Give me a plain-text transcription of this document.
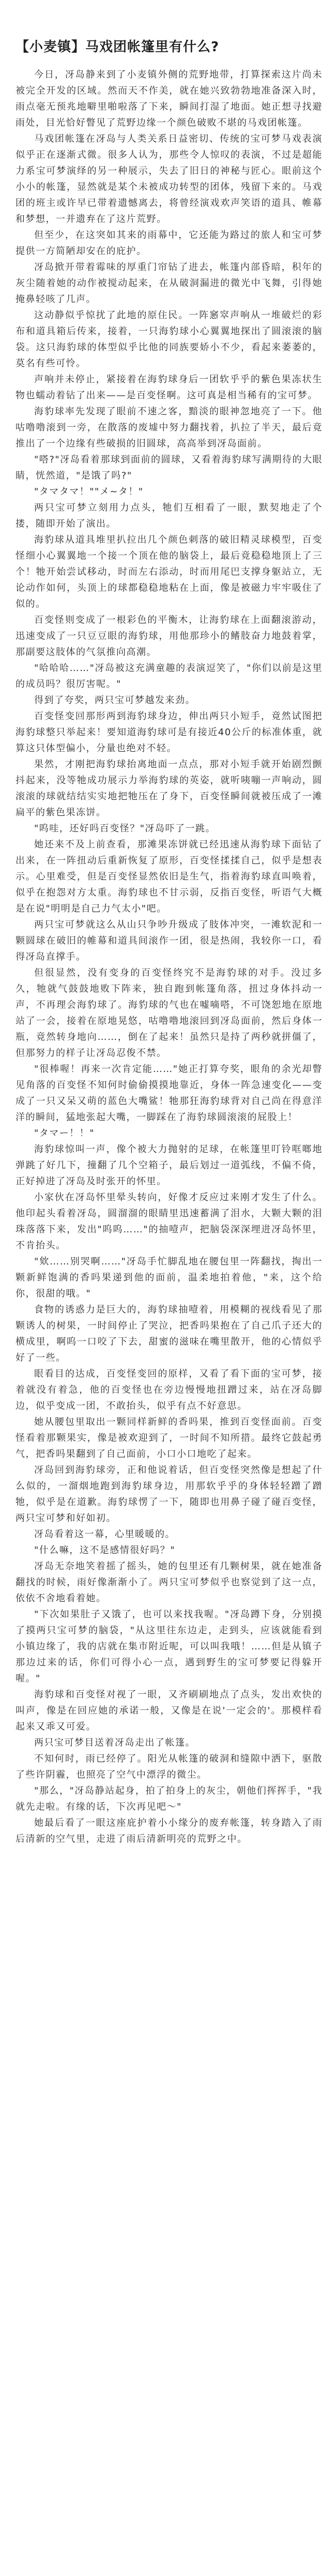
【小麦镇】马戏团帐篷里有什么?

今日，冴岛静来到了小麦镇外侧的荒野地带，打算探索这片尚未被完全开发的区域。然而天不作美，就在她兴致勃勃地准备深入时，雨点毫无预兆地噼里啪啦落了下来，瞬间打湿了地面。她正想寻找避雨处，目光恰好瞥见了荒野边缘一个颜色破败不堪的马戏团帐篷。

马戏团帐篷在冴岛与人类关系日益密切、传统的宝可梦马戏表演似乎正在逐渐式微。很多人认为，那些令人惊叹的表演，不过是超能力系宝可梦演绎的另一种展示，失去了旧日的神秘与匠心。眼前这个小小的帐篷，显然就是某个未被成功转型的团体，残留下来的。马戏团的班主或许早已带着遗憾离去，将曾经演戏欢声笑语的道具、帷幕和梦想，一并遗弃在了这片荒野。

但至少，在这突如其来的雨幕中，它还能为路过的旅人和宝可梦提供一方简陋却安在的庇护。

冴岛掀开带着霉味的厚重门帘钻了进去，帐篷内部昏暗，积年的灰尘随着她的动作被搅动起来，在从破洞漏进的微光中飞舞，引得她掩鼻轻咳了几声。

这动静似乎惊扰了此地的原住民。一阵窸窣声响从一堆破烂的彩布和道具箱后传来，接着，一只海豹球小心翼翼地探出了圆滚滚的脑袋。这只海豹球的体型似乎比他的同族要娇小不少，看起来萎萎的，莫名有些可怜。

声响并未停止，紧接着在海豹球身后一团软乎乎的紫色果冻状生物也蠕动着钻了出来——是百变怪啊。这可真是相当稀有的宝可梦。

海豹球率先发现了眼前不速之客，黯淡的眼神忽地亮了一下。他咕噜噜滚到一旁，在散落的废墟中努力翻找着，扒拉了半天，最后竟推出了一个边缘有些破损的旧圆球，高高举到冴岛面前。

"嗒?"冴岛看着那球到面前的圆球，又看着海豹球写满期待的大眼睛，恍然道，"是饿了吗?"

"タマタマ！""メ~タ！"

两只宝可梦立刻用力点头，牠们互相看了一眼，默契地走了个搂，随即开始了演出。

海豹球从道具堆里扒拉出几个颜色刺落的破旧精灵球模型，百变怪细小心翼翼地一个接一个顶在他的脑袋上，最后竟稳稳地顶上了三个！牠开始尝试移动，时而左右添动，时而用尾巴支撑身躯站立，无论动作如何，头顶上的球都稳稳地粘在上面，像是被磁力牢牢吸住了似的。

百变怪则变成了一根彩色的平衡木，让海豹球在上面翻滚游动，迅速变成了一只豆豆眼的海豹球，用他那珍小的鳍肢奋力地鼓着掌，那副要这肢体的气氛推向高潮。

"哈哈哈……"冴岛被这充满童趣的表演逗笑了，"你们以前是这里的成员吗？很厉害呢。"

得到了夸奖，两只宝可梦越发来劲。

百变怪变回那形两到海豹球身边，伸出两只小短手，竟然试图把海豹球整只举起来！要知道海豹球可是有接近40公斤的标准体重，就算这只体型偏小，分量也绝对不轻。

果然，才刚把海豹球抬离地面一点点，那对小短手就开始剧烈颤抖起来，没等牠成功展示力举海豹球的英姿，就听咦嘣一声响动，圆滚滚的球就结结实实地把牠压在了身下，百变怪瞬间就被压成了一滩扁平的紫色果冻饼。

"呜哇，还好吗百变怪？"冴岛吓了一跳。

她还来不及上前查看，那滩果冻饼就已经迅速从海豹球下面钻了出来，在一阵扭动后重新恢复了原形，百变怪揉揉自己，似乎是想表示。心里难受，但是百变怪显然依旧是生气，指着海豹球直叫唤着，似乎在抱怨对方太重。海豹球也不甘示弱，反指百变怪，听语气大概是在说"明明是自己力气太小"吧。

两只宝可梦就这么从山只争吵升级成了肢体冲突，一滩软泥和一颗圆球在破旧的帷幕和道具间滚作一团，很是热闹，我较你一口，看得冴岛直撑手。

但很显然，没有变身的百变怪终究不是海豹球的对手。没过多久，牠就气鼓鼓地败下阵来，独自跑到帐篷角落，扭过身体抖动一声，不再理会海豹球了。海豹球的气也在嘘嘀嗒，不可饶恕地在原地站了一会，接着在原地晃悠，咕噜噜地滚回到冴岛面前，然后身体一瓶，竟然转身地向……，倒在了起来！虽然只是持了两秒就拼僵了，但那努力的样子让冴岛忍俊不禁。

"很棒喔！再来一次肯定能……"她正打算夸奖，眼角的余光却瞥见角落的百变怪不知何时偷偷摸摸地靠近，身体一阵急速变化——变成了一只又呆又萌的蓝色大嘴鲨！牠那狂海豹球背对自己尚在得意洋洋的瞬间，猛地张起大嘴，一脚踩在了海豹球圆滚滚的屁股上！

"タマー！！"

海豹球惊叫一声，像个被大力抛射的足球，在帐篷里叮铃哐啷地弹跳了好几下，撞翻了几个空箱子，最后划过一道弧线，不偏不倚，正好掉进了冴岛及时张开的怀里。

小家伙在冴岛怀里晕头转向，好像才反应过来刚才发生了什么。他印起头看着冴岛，圆溜溜的眼睛里迅速蓄满了泪水，大颗大颗的泪珠落落下来，发出"呜呜……"的抽噎声，把脑袋深深埋进冴岛怀里，不肯抬头。

"欸……别哭啊……"冴岛手忙脚乱地在腰包里一阵翻找，掏出一颗新鲜饱满的香吗果递到他的面前，温柔地拍着他，"来，这个给你，很甜的哦。"

食物的诱惑力是巨大的，海豹球抽噎着，用模糊的视线看见了那颗诱人的树果，一时间停止了哭泣，把香吗果抱在了自己爪子还大的横成里，啊呜一口咬了下去，甜蜜的滋味在嘴里散开，他的心情似乎好了一些。

眼看目的达成，百变怪变回的原样，又看了看下面的宝可梦，接着就没有着急，他的百变怪也在旁边慢慢地扭蹭过来，站在冴岛脚边，似乎变成一团，不敢抬头，似乎有点不好意思。

她从腰包里取出一颗同样新鲜的香吗果，推到百变怪面前。百变怪看着那颗果实，像是被欢迎到了，一时间不知所措。最终它鼓起勇气，把香吗果翻到了自己面前，小口小口地吃了起来。

冴岛回到海豹球旁，正和他说着话，但百变怪突然像是想起了什么似的，一溜烟地跑到海豹球身边，用那软乎乎的身体轻轻蹭了蹭牠，似乎是在道歉。海豹球愣了一下，随即也用鼻子碰了碰百变怪，两只宝可梦和好如初。

冴岛看着这一幕，心里暖暖的。

"什么嘛，这不是感情很好吗？"

冴岛无奈地笑着摇了摇头，她的包里还有几颗树果，就在她准备翻找的时候，雨好像渐渐小了。两只宝可梦似乎也察觉到了这一点，依依不舍地看着她。

"下次如果肚子又饿了，也可以来找我喔。"冴岛蹲下身，分别摸了摸两只宝可梦的脑袋，"从这里往东边走，走到头，应该就能看到小镇边缘了，我的店就在集市附近呢，可以叫我哦！……但是从镇子那边过来的话，你们可得小心一点，遇到野生的宝可梦要记得躲开喔。"

海豹球和百变怪对视了一眼，又齐刷刷地点了点头，发出欢快的叫声，像是在回应她的承诺一般，又像是在说'一定会的'。那模样看起来又乖又可爱。

两只宝可梦目送着冴岛走出了帐篷。

不知何时，雨已经停了。阳光从帐篷的破洞和缝隙中洒下，驱散了些许阴霾，也照亮了空气中漂浮的微尘。

"那么，"冴岛静站起身，拍了拍身上的灰尘，朝他们挥挥手，"我就先走啦。有缘的话，下次再见吧～"

她最后看了一眼这座庇护着小小缘分的废弃帐篷，转身踏入了雨后清新的空气里，走进了雨后清新明亮的荒野之中。
